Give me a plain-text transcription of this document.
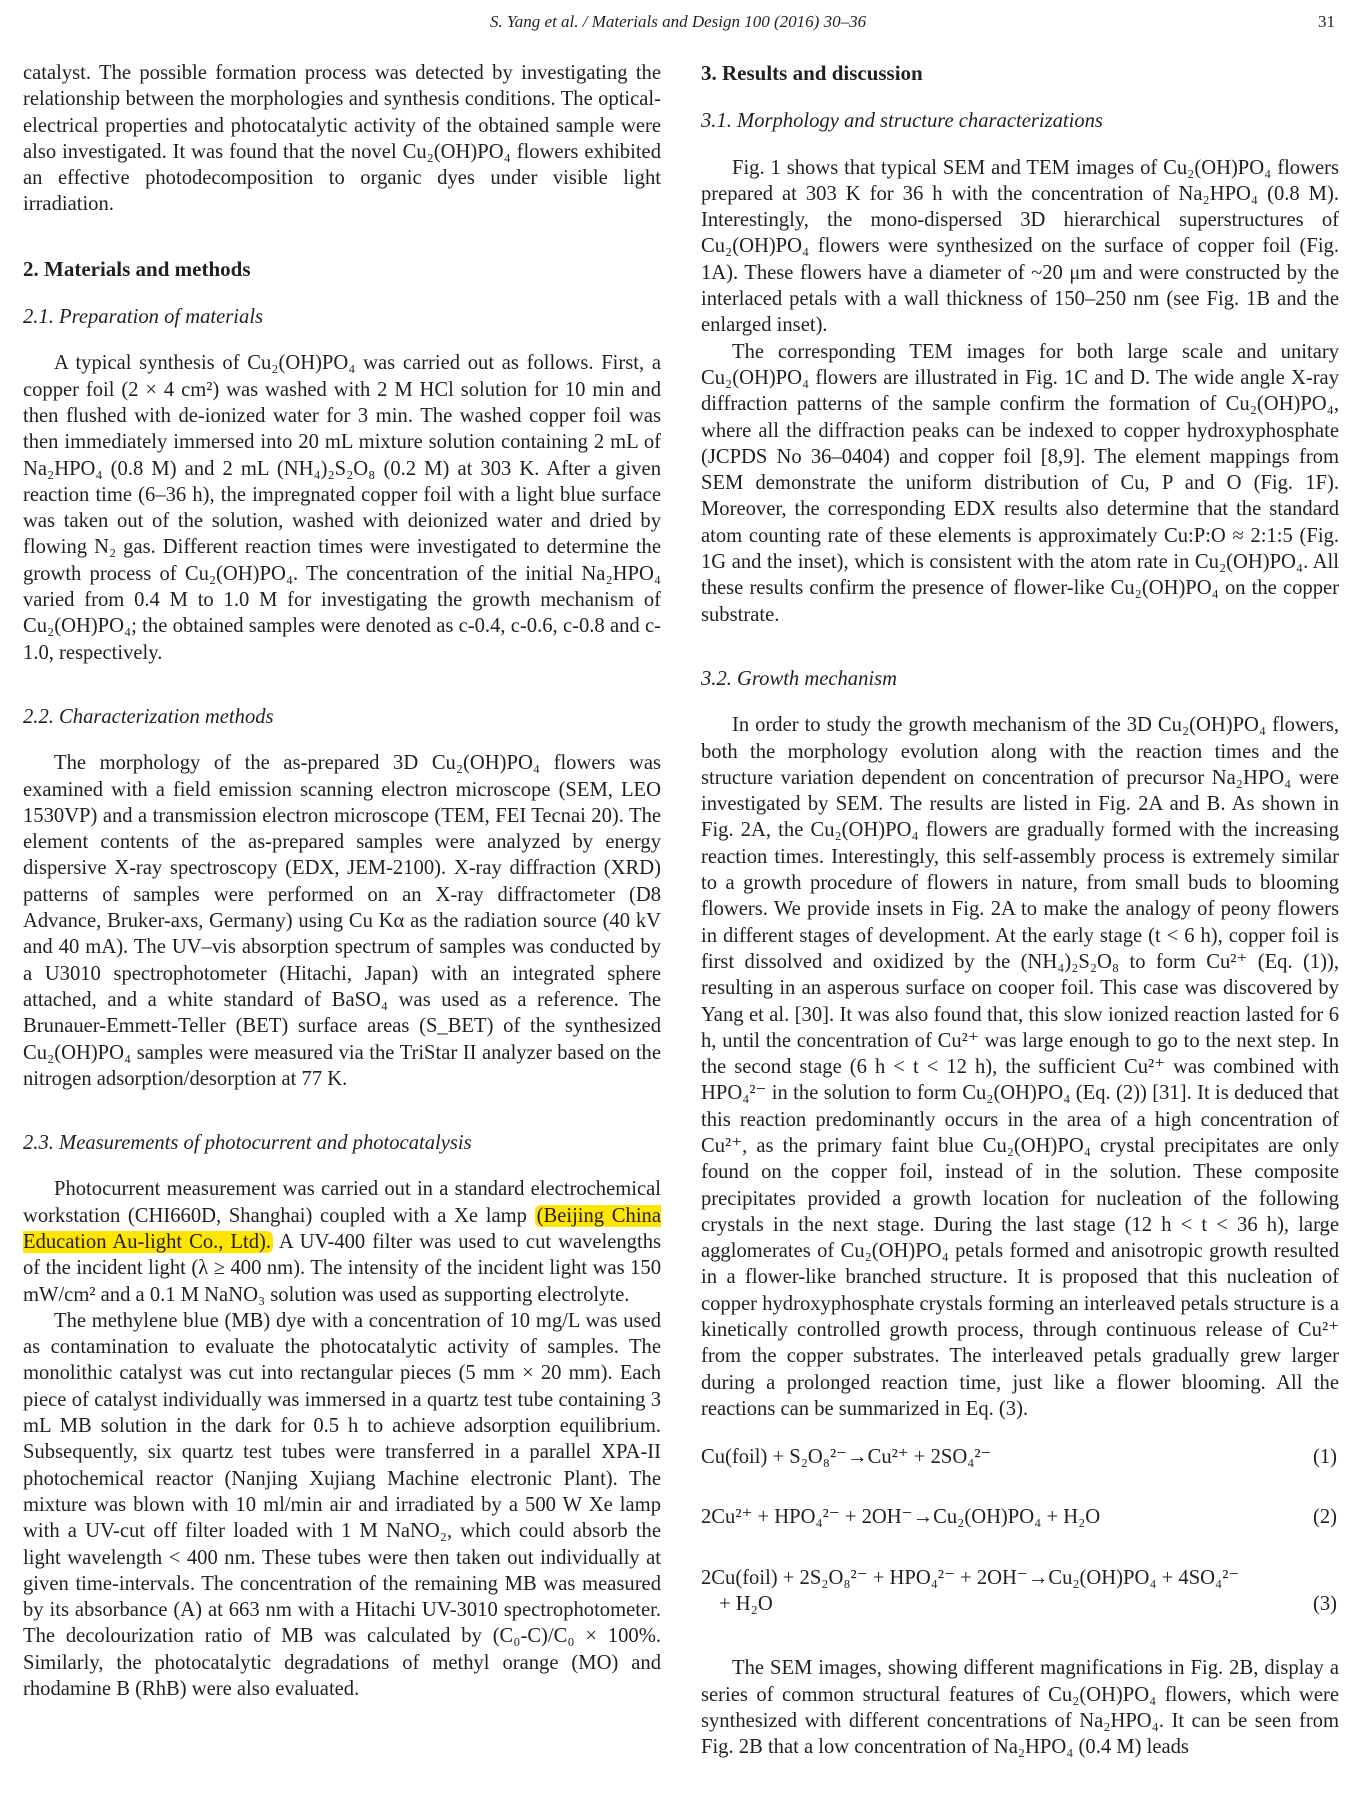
S. Yang et al. / Materials and Design 100 (2016) 30–36	31

catalyst. The possible formation process was detected by investigating the relationship between the morphologies and synthesis conditions. The optical-electrical properties and photocatalytic activity of the obtained sample were also investigated. It was found that the novel Cu₂(OH)PO₄ flowers exhibited an effective photodecomposition to organic dyes under visible light irradiation.

2. Materials and methods

2.1. Preparation of materials

A typical synthesis of Cu₂(OH)PO₄ was carried out as follows. First, a copper foil (2 × 4 cm²) was washed with 2 M HCl solution for 10 min and then flushed with de-ionized water for 3 min. The washed copper foil was then immediately immersed into 20 mL mixture solution containing 2 mL of Na₂HPO₄ (0.8 M) and 2 mL (NH₄)₂S₂O₈ (0.2 M) at 303 K. After a given reaction time (6–36 h), the impregnated copper foil with a light blue surface was taken out of the solution, washed with deionized water and dried by flowing N₂ gas. Different reaction times were investigated to determine the growth process of Cu₂(OH)PO₄. The concentration of the initial Na₂HPO₄ varied from 0.4 M to 1.0 M for investigating the growth mechanism of Cu₂(OH)PO₄; the obtained samples were denoted as c-0.4, c-0.6, c-0.8 and c-1.0, respectively.

2.2. Characterization methods

The morphology of the as-prepared 3D Cu₂(OH)PO₄ flowers was examined with a field emission scanning electron microscope (SEM, LEO 1530VP) and a transmission electron microscope (TEM, FEI Tecnai 20). The element contents of the as-prepared samples were analyzed by energy dispersive X-ray spectroscopy (EDX, JEM-2100). X-ray diffraction (XRD) patterns of samples were performed on an X-ray diffractometer (D8 Advance, Bruker-axs, Germany) using Cu Kα as the radiation source (40 kV and 40 mA). The UV–vis absorption spectrum of samples was conducted by a U3010 spectrophotometer (Hitachi, Japan) with an integrated sphere attached, and a white standard of BaSO₄ was used as a reference. The Brunauer-Emmett-Teller (BET) surface areas (S_BET) of the synthesized Cu₂(OH)PO₄ samples were measured via the TriStar II analyzer based on the nitrogen adsorption/desorption at 77 K.

2.3. Measurements of photocurrent and photocatalysis

Photocurrent measurement was carried out in a standard electrochemical workstation (CHI660D, Shanghai) coupled with a Xe lamp (Beijing China Education Au-light Co., Ltd). A UV-400 filter was used to cut wavelengths of the incident light (λ ≥ 400 nm). The intensity of the incident light was 150 mW/cm² and a 0.1 M NaNO₃ solution was used as supporting electrolyte.

The methylene blue (MB) dye with a concentration of 10 mg/L was used as contamination to evaluate the photocatalytic activity of samples. The monolithic catalyst was cut into rectangular pieces (5 mm × 20 mm). Each piece of catalyst individually was immersed in a quartz test tube containing 3 mL MB solution in the dark for 0.5 h to achieve adsorption equilibrium. Subsequently, six quartz test tubes were transferred in a parallel XPA-II photochemical reactor (Nanjing Xujiang Machine electronic Plant). The mixture was blown with 10 ml/min air and irradiated by a 500 W Xe lamp with a UV-cut off filter loaded with 1 M NaNO₂, which could absorb the light wavelength < 400 nm. These tubes were then taken out individually at given time-intervals. The concentration of the remaining MB was measured by its absorbance (A) at 663 nm with a Hitachi UV-3010 spectrophotometer. The decolourization ratio of MB was calculated by (C₀-C)/C₀ × 100%. Similarly, the photocatalytic degradations of methyl orange (MO) and rhodamine B (RhB) were also evaluated.

3. Results and discussion

3.1. Morphology and structure characterizations

Fig. 1 shows that typical SEM and TEM images of Cu₂(OH)PO₄ flowers prepared at 303 K for 36 h with the concentration of Na₂HPO₄ (0.8 M). Interestingly, the mono-dispersed 3D hierarchical superstructures of Cu₂(OH)PO₄ flowers were synthesized on the surface of copper foil (Fig. 1A). These flowers have a diameter of ~20 μm and were constructed by the interlaced petals with a wall thickness of 150–250 nm (see Fig. 1B and the enlarged inset).

The corresponding TEM images for both large scale and unitary Cu₂(OH)PO₄ flowers are illustrated in Fig. 1C and D. The wide angle X-ray diffraction patterns of the sample confirm the formation of Cu₂(OH)PO₄, where all the diffraction peaks can be indexed to copper hydroxyphosphate (JCPDS No 36–0404) and copper foil [8,9]. The element mappings from SEM demonstrate the uniform distribution of Cu, P and O (Fig. 1F). Moreover, the corresponding EDX results also determine that the standard atom counting rate of these elements is approximately Cu:P:O ≈ 2:1:5 (Fig. 1G and the inset), which is consistent with the atom rate in Cu₂(OH)PO₄. All these results confirm the presence of flower-like Cu₂(OH)PO₄ on the copper substrate.

3.2. Growth mechanism

In order to study the growth mechanism of the 3D Cu₂(OH)PO₄ flowers, both the morphology evolution along with the reaction times and the structure variation dependent on concentration of precursor Na₂HPO₄ were investigated by SEM. The results are listed in Fig. 2A and B. As shown in Fig. 2A, the Cu₂(OH)PO₄ flowers are gradually formed with the increasing reaction times. Interestingly, this self-assembly process is extremely similar to a growth procedure of flowers in nature, from small buds to blooming flowers. We provide insets in Fig. 2A to make the analogy of peony flowers in different stages of development. At the early stage (t < 6 h), copper foil is first dissolved and oxidized by the (NH₄)₂S₂O₈ to form Cu²⁺ (Eq. (1)), resulting in an asperous surface on cooper foil. This case was discovered by Yang et al. [30]. It was also found that, this slow ionized reaction lasted for 6 h, until the concentration of Cu²⁺ was large enough to go to the next step. In the second stage (6 h < t < 12 h), the sufficient Cu²⁺ was combined with HPO₄²⁻ in the solution to form Cu₂(OH)PO₄ (Eq. (2)) [31]. It is deduced that this reaction predominantly occurs in the area of a high concentration of Cu²⁺, as the primary faint blue Cu₂(OH)PO₄ crystal precipitates are only found on the copper foil, instead of in the solution. These composite precipitates provided a growth location for nucleation of the following crystals in the next stage. During the last stage (12 h < t < 36 h), large agglomerates of Cu₂(OH)PO₄ petals formed and anisotropic growth resulted in a flower-like branched structure. It is proposed that this nucleation of copper hydroxyphosphate crystals forming an interleaved petals structure is a kinetically controlled growth process, through continuous release of Cu²⁺ from the copper substrates. The interleaved petals gradually grew larger during a prolonged reaction time, just like a flower blooming. All the reactions can be summarized in Eq. (3).

Cu(foil) + S₂O₈²⁻→Cu²⁺ + 2SO₄²⁻	(1)
2Cu²⁺ + HPO₄²⁻ + 2OH⁻→Cu₂(OH)PO₄ + H₂O	(2)
2Cu(foil) + 2S₂O₈²⁻ + HPO₄²⁻ + 2OH⁻→Cu₂(OH)PO₄ + 4SO₄²⁻
+ H₂O	(3)

The SEM images, showing different magnifications in Fig. 2B, display a series of common structural features of Cu₂(OH)PO₄ flowers, which were synthesized with different concentrations of Na₂HPO₄. It can be seen from Fig. 2B that a low concentration of Na₂HPO₄ (0.4 M) leads
